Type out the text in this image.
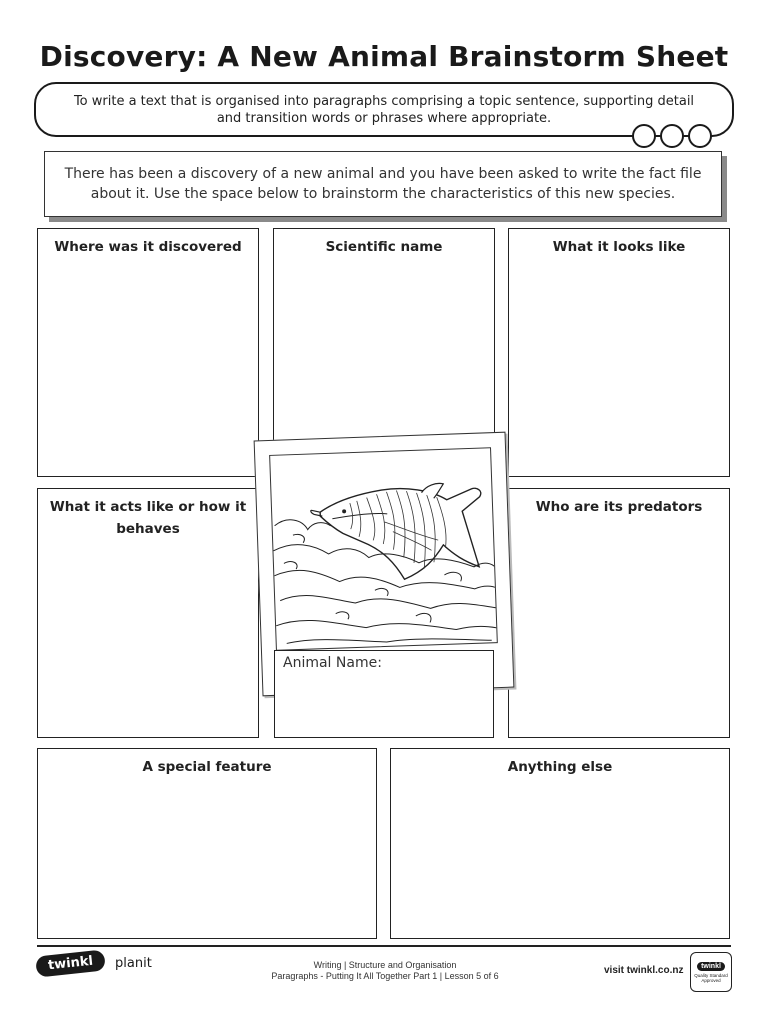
Discovery: A New Animal Brainstorm Sheet
To write a text that is organised into paragraphs comprising a topic sentence, supporting detail and transition words or phrases where appropriate.
There has been a discovery of a new animal and you have been asked to write the fact file about it. Use the space below to brainstorm the characteristics of this new species.
Where was it discovered	Scientific name	What it looks like
What it acts like or how it behaves
Who are its predators
A special feature	Anything else
Animal Name:
twinkl	planit	Writing | Structure and Organisation
Paragraphs - Putting It All Together Part 1 | Lesson 5 of 6	visit twinkl.co.nz	twinkl
Quality Standard Approved
